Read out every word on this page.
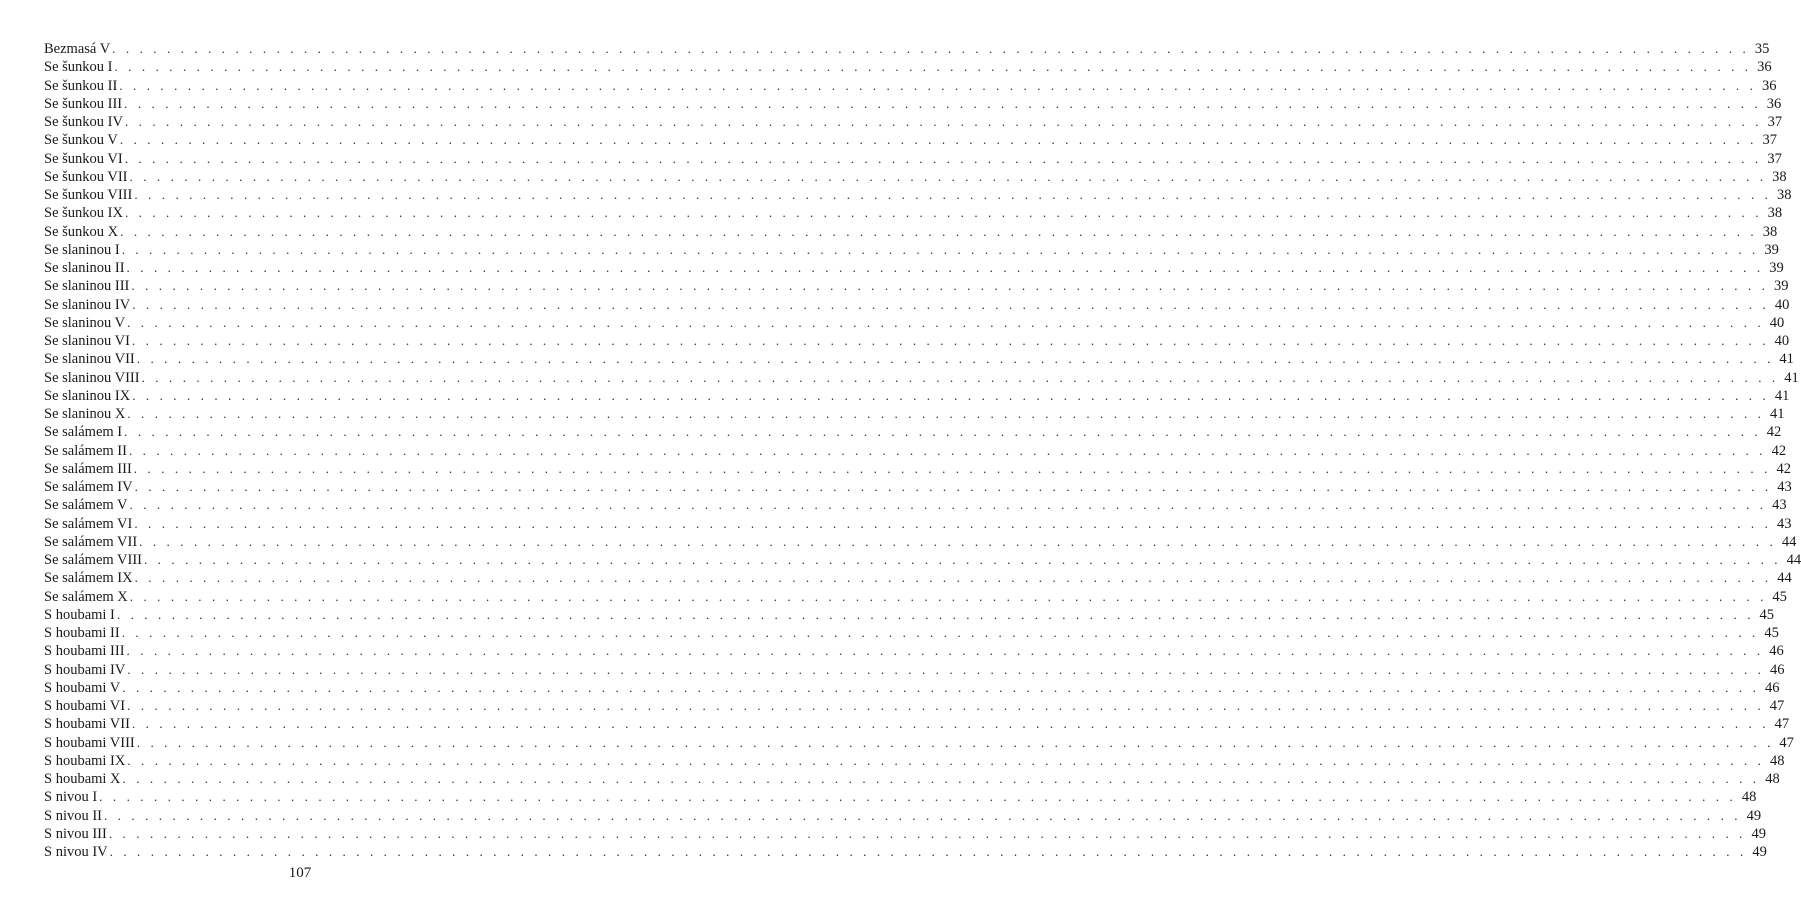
Bezmasá V . . . . . . . . . . . . . . . . . . . . . . . . . . . . . . . . . . . . . . . . . . . . . . . . . . . . . . . . . . . . . . . . . . . . . . . . . . . . . . . . . . . . . . . . . . . . . . . . . . . . . . . . . . . . . . . . . . . . . . . . 35
Se šunkou I . . . . . . . . . . . . . . . . . . . . . . . . . . . . . . . . . . . . . . . . . . . . . . . . . . . . . . . . . . . . . . . . . . . . . . . . . . . . . . . . . . . . . . . . . . . . . . . . . . . . . . . . . . . . . . . . . . . . . . . . 36
Se šunkou II . . . . . . . . . . . . . . . . . . . . . . . . . . . . . . . . . . . . . . . . . . . . . . . . . . . . . . . . . . . . . . . . . . . . . . . . . . . . . . . . . . . . . . . . . . . . . . . . . . . . . . . . . . . . . . . . . . . . . . . . 36
Se šunkou III . . . . . . . . . . . . . . . . . . . . . . . . . . . . . . . . . . . . . . . . . . . . . . . . . . . . . . . . . . . . . . . . . . . . . . . . . . . . . . . . . . . . . . . . . . . . . . . . . . . . . . . . . . . . . . . . . . . . . . . . 36
Se šunkou IV . . . . . . . . . . . . . . . . . . . . . . . . . . . . . . . . . . . . . . . . . . . . . . . . . . . . . . . . . . . . . . . . . . . . . . . . . . . . . . . . . . . . . . . . . . . . . . . . . . . . . . . . . . . . . . . . . . . . . . . . 37
Se šunkou V . . . . . . . . . . . . . . . . . . . . . . . . . . . . . . . . . . . . . . . . . . . . . . . . . . . . . . . . . . . . . . . . . . . . . . . . . . . . . . . . . . . . . . . . . . . . . . . . . . . . . . . . . . . . . . . . . . . . . . . . 37
Se šunkou VI . . . . . . . . . . . . . . . . . . . . . . . . . . . . . . . . . . . . . . . . . . . . . . . . . . . . . . . . . . . . . . . . . . . . . . . . . . . . . . . . . . . . . . . . . . . . . . . . . . . . . . . . . . . . . . . . . . . . . . . . 37
Se šunkou VII . . . . . . . . . . . . . . . . . . . . . . . . . . . . . . . . . . . . . . . . . . . . . . . . . . . . . . . . . . . . . . . . . . . . . . . . . . . . . . . . . . . . . . . . . . . . . . . . . . . . . . . . . . . . . . . . . . . . . . . . 38
Se šunkou VIII . . . . . . . . . . . . . . . . . . . . . . . . . . . . . . . . . . . . . . . . . . . . . . . . . . . . . . . . . . . . . . . . . . . . . . . . . . . . . . . . . . . . . . . . . . . . . . . . . . . . . . . . . . . . . . . . . . . . . . . . 38
Se šunkou IX . . . . . . . . . . . . . . . . . . . . . . . . . . . . . . . . . . . . . . . . . . . . . . . . . . . . . . . . . . . . . . . . . . . . . . . . . . . . . . . . . . . . . . . . . . . . . . . . . . . . . . . . . . . . . . . . . . . . . . . . 38
Se šunkou X . . . . . . . . . . . . . . . . . . . . . . . . . . . . . . . . . . . . . . . . . . . . . . . . . . . . . . . . . . . . . . . . . . . . . . . . . . . . . . . . . . . . . . . . . . . . . . . . . . . . . . . . . . . . . . . . . . . . . . . . 38
Se slaninou I . . . . . . . . . . . . . . . . . . . . . . . . . . . . . . . . . . . . . . . . . . . . . . . . . . . . . . . . . . . . . . . . . . . . . . . . . . . . . . . . . . . . . . . . . . . . . . . . . . . . . . . . . . . . . . . . . . . . . . . . 39
Se slaninou II . . . . . . . . . . . . . . . . . . . . . . . . . . . . . . . . . . . . . . . . . . . . . . . . . . . . . . . . . . . . . . . . . . . . . . . . . . . . . . . . . . . . . . . . . . . . . . . . . . . . . . . . . . . . . . . . . . . . . . . . 39
Se slaninou III . . . . . . . . . . . . . . . . . . . . . . . . . . . . . . . . . . . . . . . . . . . . . . . . . . . . . . . . . . . . . . . . . . . . . . . . . . . . . . . . . . . . . . . . . . . . . . . . . . . . . . . . . . . . . . . . . . . . . . . . 39
Se slaninou IV . . . . . . . . . . . . . . . . . . . . . . . . . . . . . . . . . . . . . . . . . . . . . . . . . . . . . . . . . . . . . . . . . . . . . . . . . . . . . . . . . . . . . . . . . . . . . . . . . . . . . . . . . . . . . . . . . . . . . . . . 40
Se slaninou V . . . . . . . . . . . . . . . . . . . . . . . . . . . . . . . . . . . . . . . . . . . . . . . . . . . . . . . . . . . . . . . . . . . . . . . . . . . . . . . . . . . . . . . . . . . . . . . . . . . . . . . . . . . . . . . . . . . . . . . . 40
Se slaninou VI . . . . . . . . . . . . . . . . . . . . . . . . . . . . . . . . . . . . . . . . . . . . . . . . . . . . . . . . . . . . . . . . . . . . . . . . . . . . . . . . . . . . . . . . . . . . . . . . . . . . . . . . . . . . . . . . . . . . . . . . 40
Se slaninou VII . . . . . . . . . . . . . . . . . . . . . . . . . . . . . . . . . . . . . . . . . . . . . . . . . . . . . . . . . . . . . . . . . . . . . . . . . . . . . . . . . . . . . . . . . . . . . . . . . . . . . . . . . . . . . . . . . . . . . . . . 41
Se slaninou VIII . . . . . . . . . . . . . . . . . . . . . . . . . . . . . . . . . . . . . . . . . . . . . . . . . . . . . . . . . . . . . . . . . . . . . . . . . . . . . . . . . . . . . . . . . . . . . . . . . . . . . . . . . . . . . . . . . . . . . . . . 41
Se slaninou IX . . . . . . . . . . . . . . . . . . . . . . . . . . . . . . . . . . . . . . . . . . . . . . . . . . . . . . . . . . . . . . . . . . . . . . . . . . . . . . . . . . . . . . . . . . . . . . . . . . . . . . . . . . . . . . . . . . . . . . . . 41
Se slaninou X . . . . . . . . . . . . . . . . . . . . . . . . . . . . . . . . . . . . . . . . . . . . . . . . . . . . . . . . . . . . . . . . . . . . . . . . . . . . . . . . . . . . . . . . . . . . . . . . . . . . . . . . . . . . . . . . . . . . . . . . 41
Se salámem I . . . . . . . . . . . . . . . . . . . . . . . . . . . . . . . . . . . . . . . . . . . . . . . . . . . . . . . . . . . . . . . . . . . . . . . . . . . . . . . . . . . . . . . . . . . . . . . . . . . . . . . . . . . . . . . . . . . . . . . . 42
Se salámem II . . . . . . . . . . . . . . . . . . . . . . . . . . . . . . . . . . . . . . . . . . . . . . . . . . . . . . . . . . . . . . . . . . . . . . . . . . . . . . . . . . . . . . . . . . . . . . . . . . . . . . . . . . . . . . . . . . . . . . . . 42
Se salámem III . . . . . . . . . . . . . . . . . . . . . . . . . . . . . . . . . . . . . . . . . . . . . . . . . . . . . . . . . . . . . . . . . . . . . . . . . . . . . . . . . . . . . . . . . . . . . . . . . . . . . . . . . . . . . . . . . . . . . . . . 42
Se salámem IV . . . . . . . . . . . . . . . . . . . . . . . . . . . . . . . . . . . . . . . . . . . . . . . . . . . . . . . . . . . . . . . . . . . . . . . . . . . . . . . . . . . . . . . . . . . . . . . . . . . . . . . . . . . . . . . . . . . . . . . . 43
Se salámem V . . . . . . . . . . . . . . . . . . . . . . . . . . . . . . . . . . . . . . . . . . . . . . . . . . . . . . . . . . . . . . . . . . . . . . . . . . . . . . . . . . . . . . . . . . . . . . . . . . . . . . . . . . . . . . . . . . . . . . . . 43
Se salámem VI . . . . . . . . . . . . . . . . . . . . . . . . . . . . . . . . . . . . . . . . . . . . . . . . . . . . . . . . . . . . . . . . . . . . . . . . . . . . . . . . . . . . . . . . . . . . . . . . . . . . . . . . . . . . . . . . . . . . . . . . 43
Se salámem VII . . . . . . . . . . . . . . . . . . . . . . . . . . . . . . . . . . . . . . . . . . . . . . . . . . . . . . . . . . . . . . . . . . . . . . . . . . . . . . . . . . . . . . . . . . . . . . . . . . . . . . . . . . . . . . . . . . . . . . . . 44
Se salámem VIII . . . . . . . . . . . . . . . . . . . . . . . . . . . . . . . . . . . . . . . . . . . . . . . . . . . . . . . . . . . . . . . . . . . . . . . . . . . . . . . . . . . . . . . . . . . . . . . . . . . . . . . . . . . . . . . . . . . . . . . . 44
Se salámem IX . . . . . . . . . . . . . . . . . . . . . . . . . . . . . . . . . . . . . . . . . . . . . . . . . . . . . . . . . . . . . . . . . . . . . . . . . . . . . . . . . . . . . . . . . . . . . . . . . . . . . . . . . . . . . . . . . . . . . . . . 44
Se salámem X . . . . . . . . . . . . . . . . . . . . . . . . . . . . . . . . . . . . . . . . . . . . . . . . . . . . . . . . . . . . . . . . . . . . . . . . . . . . . . . . . . . . . . . . . . . . . . . . . . . . . . . . . . . . . . . . . . . . . . . . 45
S houbami I . . . . . . . . . . . . . . . . . . . . . . . . . . . . . . . . . . . . . . . . . . . . . . . . . . . . . . . . . . . . . . . . . . . . . . . . . . . . . . . . . . . . . . . . . . . . . . . . . . . . . . . . . . . . . . . . . . . . . . . . 45
S houbami II . . . . . . . . . . . . . . . . . . . . . . . . . . . . . . . . . . . . . . . . . . . . . . . . . . . . . . . . . . . . . . . . . . . . . . . . . . . . . . . . . . . . . . . . . . . . . . . . . . . . . . . . . . . . . . . . . . . . . . . . 45
S houbami III . . . . . . . . . . . . . . . . . . . . . . . . . . . . . . . . . . . . . . . . . . . . . . . . . . . . . . . . . . . . . . . . . . . . . . . . . . . . . . . . . . . . . . . . . . . . . . . . . . . . . . . . . . . . . . . . . . . . . . . . 46
S houbami IV . . . . . . . . . . . . . . . . . . . . . . . . . . . . . . . . . . . . . . . . . . . . . . . . . . . . . . . . . . . . . . . . . . . . . . . . . . . . . . . . . . . . . . . . . . . . . . . . . . . . . . . . . . . . . . . . . . . . . . . . 46
S houbami V . . . . . . . . . . . . . . . . . . . . . . . . . . . . . . . . . . . . . . . . . . . . . . . . . . . . . . . . . . . . . . . . . . . . . . . . . . . . . . . . . . . . . . . . . . . . . . . . . . . . . . . . . . . . . . . . . . . . . . . . 46
S houbami VI . . . . . . . . . . . . . . . . . . . . . . . . . . . . . . . . . . . . . . . . . . . . . . . . . . . . . . . . . . . . . . . . . . . . . . . . . . . . . . . . . . . . . . . . . . . . . . . . . . . . . . . . . . . . . . . . . . . . . . . . 47
S houbami VII . . . . . . . . . . . . . . . . . . . . . . . . . . . . . . . . . . . . . . . . . . . . . . . . . . . . . . . . . . . . . . . . . . . . . . . . . . . . . . . . . . . . . . . . . . . . . . . . . . . . . . . . . . . . . . . . . . . . . . . . 47
S houbami VIII . . . . . . . . . . . . . . . . . . . . . . . . . . . . . . . . . . . . . . . . . . . . . . . . . . . . . . . . . . . . . . . . . . . . . . . . . . . . . . . . . . . . . . . . . . . . . . . . . . . . . . . . . . . . . . . . . . . . . . . . 47
S houbami IX . . . . . . . . . . . . . . . . . . . . . . . . . . . . . . . . . . . . . . . . . . . . . . . . . . . . . . . . . . . . . . . . . . . . . . . . . . . . . . . . . . . . . . . . . . . . . . . . . . . . . . . . . . . . . . . . . . . . . . . . 48
S houbami X . . . . . . . . . . . . . . . . . . . . . . . . . . . . . . . . . . . . . . . . . . . . . . . . . . . . . . . . . . . . . . . . . . . . . . . . . . . . . . . . . . . . . . . . . . . . . . . . . . . . . . . . . . . . . . . . . . . . . . . . 48
S nivou I . . . . . . . . . . . . . . . . . . . . . . . . . . . . . . . . . . . . . . . . . . . . . . . . . . . . . . . . . . . . . . . . . . . . . . . . . . . . . . . . . . . . . . . . . . . . . . . . . . . . . . . . . . . . . . . . . . . . . . . . 48
S nivou II . . . . . . . . . . . . . . . . . . . . . . . . . . . . . . . . . . . . . . . . . . . . . . . . . . . . . . . . . . . . . . . . . . . . . . . . . . . . . . . . . . . . . . . . . . . . . . . . . . . . . . . . . . . . . . . . . . . . . . . . 49
S nivou III . . . . . . . . . . . . . . . . . . . . . . . . . . . . . . . . . . . . . . . . . . . . . . . . . . . . . . . . . . . . . . . . . . . . . . . . . . . . . . . . . . . . . . . . . . . . . . . . . . . . . . . . . . . . . . . . . . . . . . . . 49
S nivou IV . . . . . . . . . . . . . . . . . . . . . . . . . . . . . . . . . . . . . . . . . . . . . . . . . . . . . . . . . . . . . . . . . . . . . . . . . . . . . . . . . . . . . . . . . . . . . . . . . . . . . . . . . . . . . . . . . . . . . . . . 49
107
